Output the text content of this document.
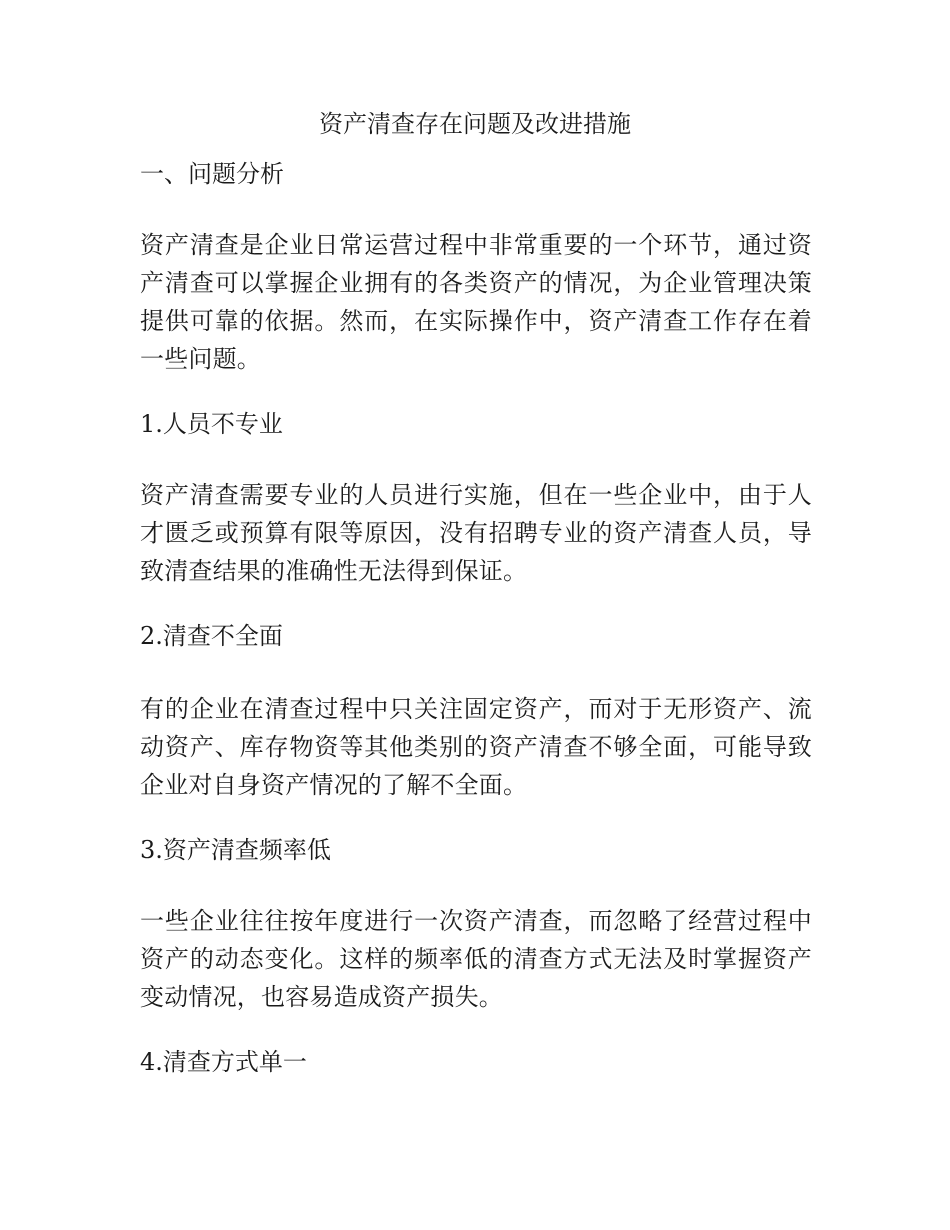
资产清查存在问题及改进措施
一、问题分析

资产清查是企业日常运营过程中非常重要的一个环节，通过资产清查可以掌握企业拥有的各类资产的情况，为企业管理决策提供可靠的依据。然而，在实际操作中，资产清查工作存在着一些问题。

1.人员不专业

资产清查需要专业的人员进行实施，但在一些企业中，由于人才匮乏或预算有限等原因，没有招聘专业的资产清查人员，导致清查结果的准确性无法得到保证。

2.清查不全面

有的企业在清查过程中只关注固定资产，而对于无形资产、流动资产、库存物资等其他类别的资产清查不够全面，可能导致企业对自身资产情况的了解不全面。

3.资产清查频率低

一些企业往往按年度进行一次资产清查，而忽略了经营过程中资产的动态变化。这样的频率低的清查方式无法及时掌握资产变动情况，也容易造成资产损失。

4.清查方式单一
